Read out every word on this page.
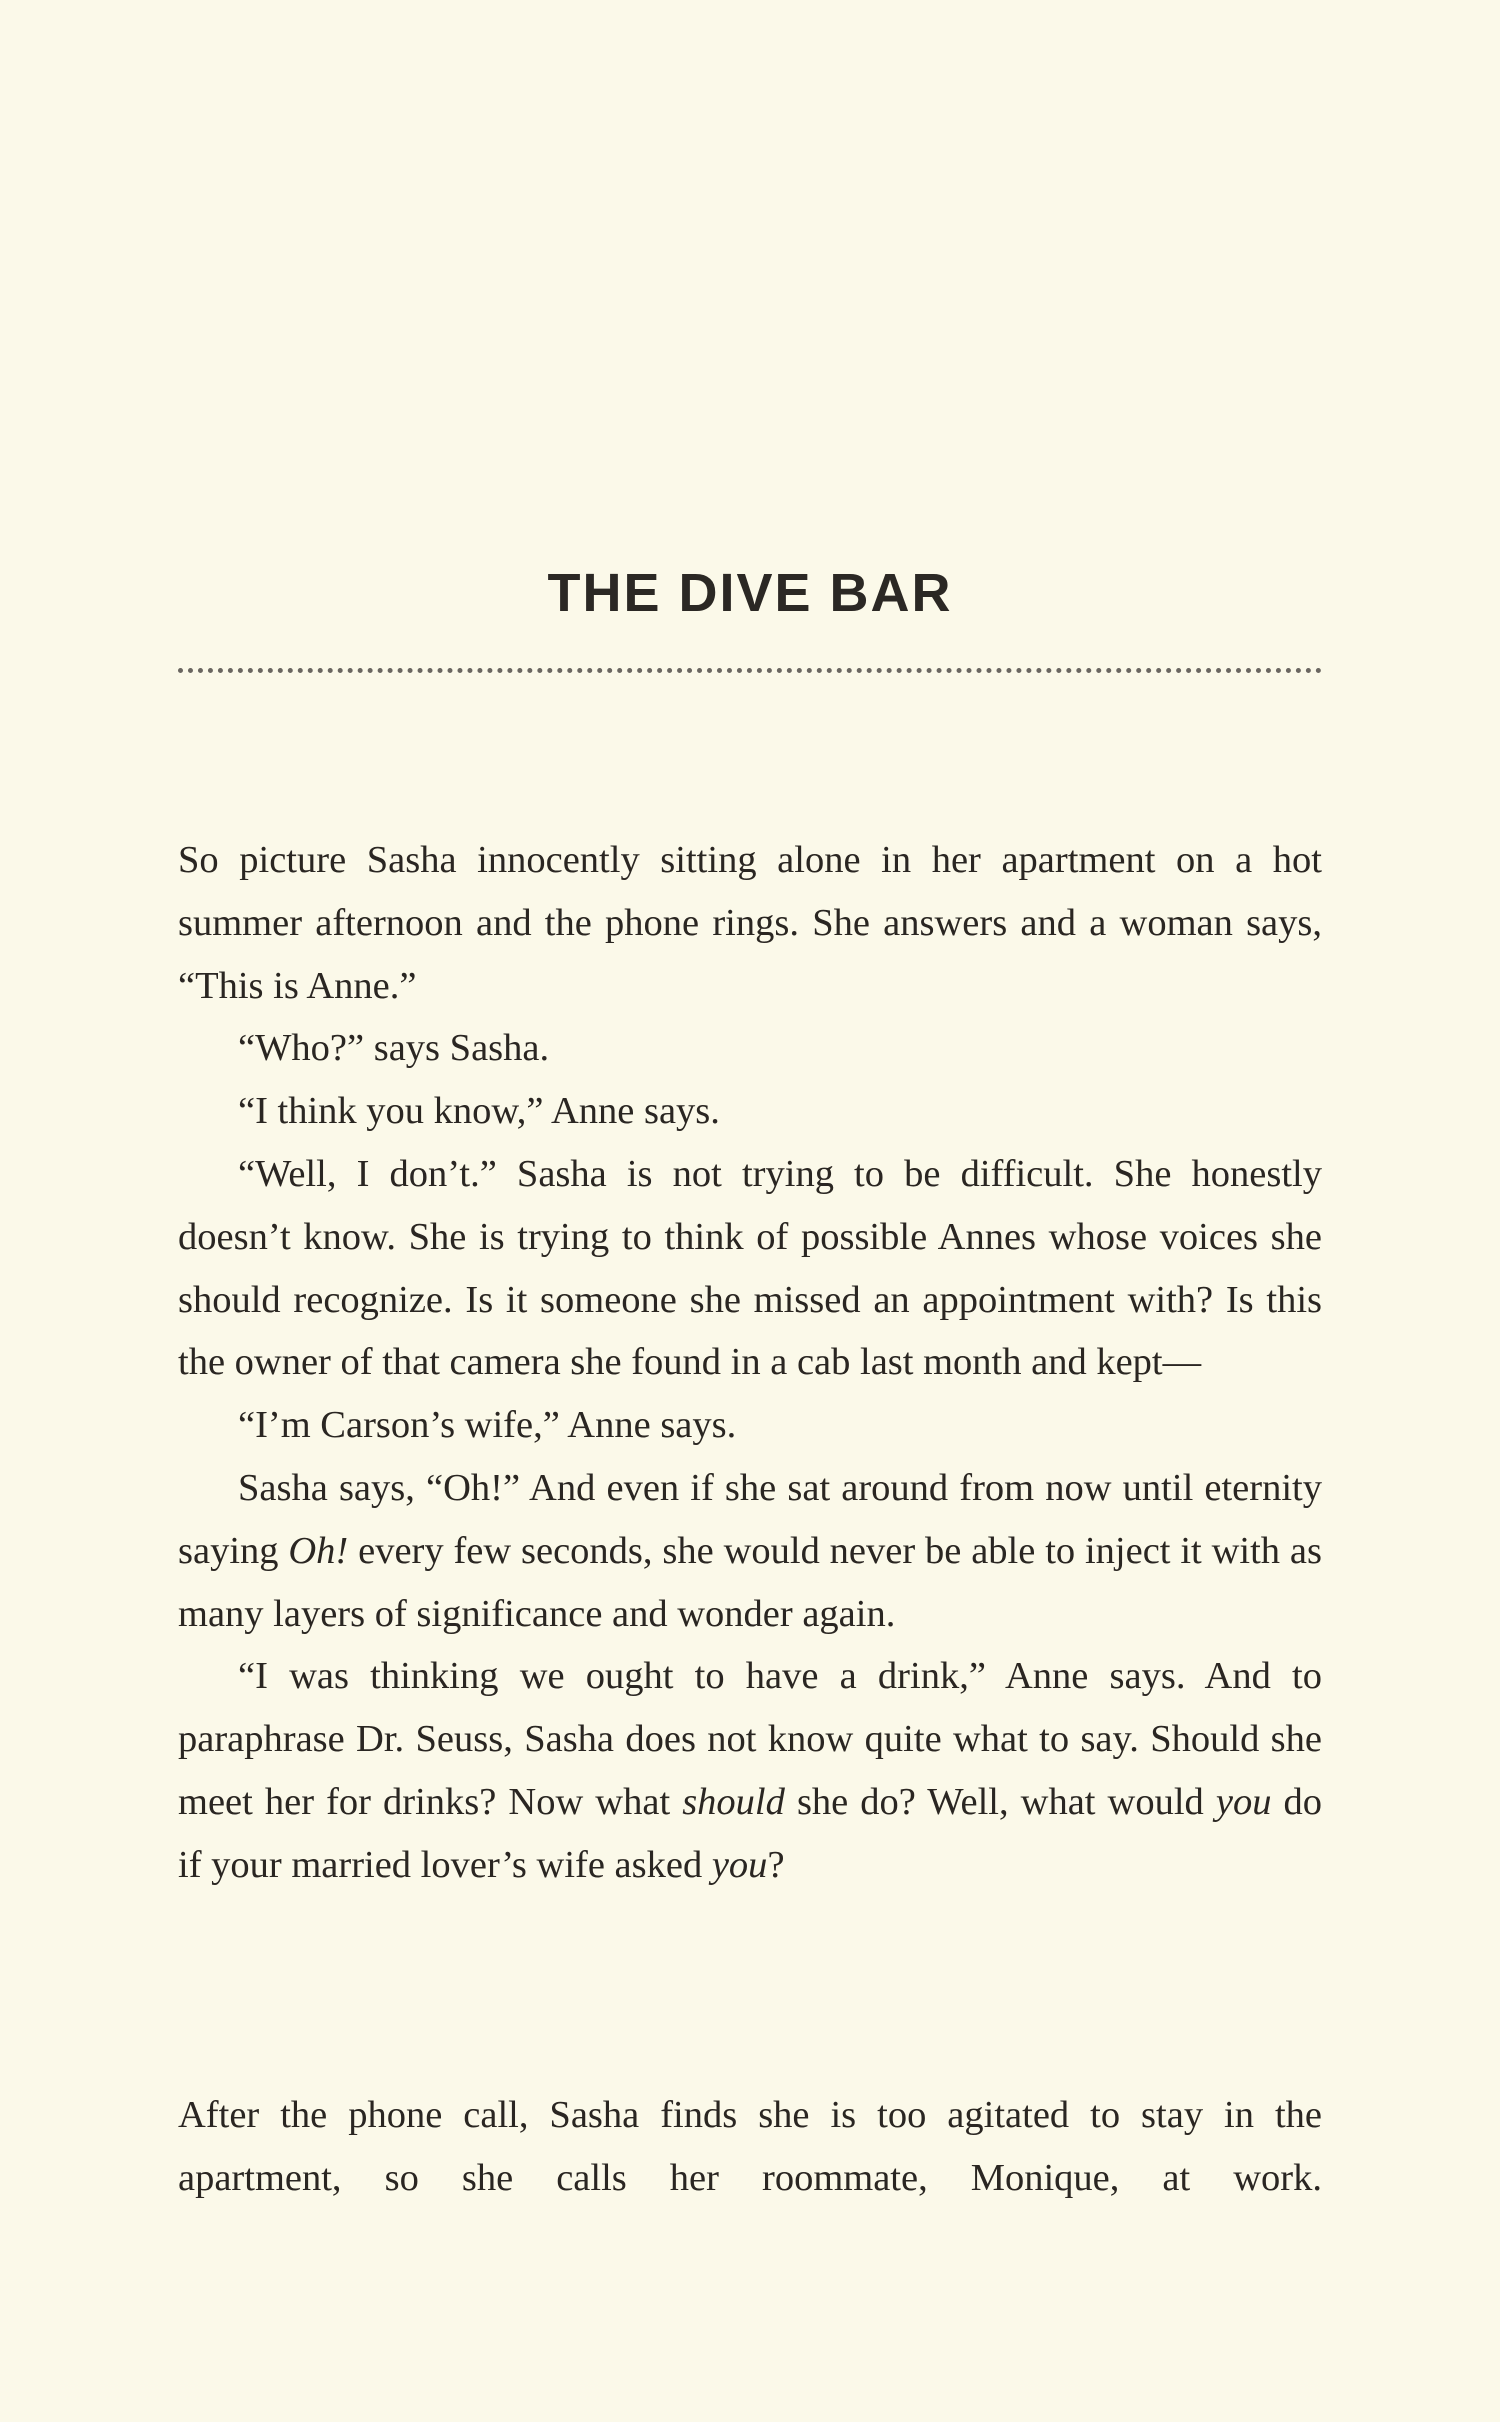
THE DIVE BAR

So picture Sasha innocently sitting alone in her apartment on a hot summer afternoon and the phone rings. She answers and a woman says, “This is Anne.”

“Who?” says Sasha.

“I think you know,” Anne says.

“Well, I don’t.” Sasha is not trying to be difficult. She honestly doesn’t know. She is trying to think of possible Annes whose voices she should recognize. Is it someone she missed an appointment with? Is this the owner of that camera she found in a cab last month and kept—

“I’m Carson’s wife,” Anne says.

Sasha says, “Oh!” And even if she sat around from now until eternity saying Oh! every few seconds, she would never be able to inject it with as many layers of significance and wonder again.

“I was thinking we ought to have a drink,” Anne says. And to paraphrase Dr. Seuss, Sasha does not know quite what to say. Should she meet her for drinks? Now what should she do? Well, what would you do if your married lover’s wife asked you?

After the phone call, Sasha finds she is too agitated to stay in the apartment, so she calls her roommate, Monique, at work.
